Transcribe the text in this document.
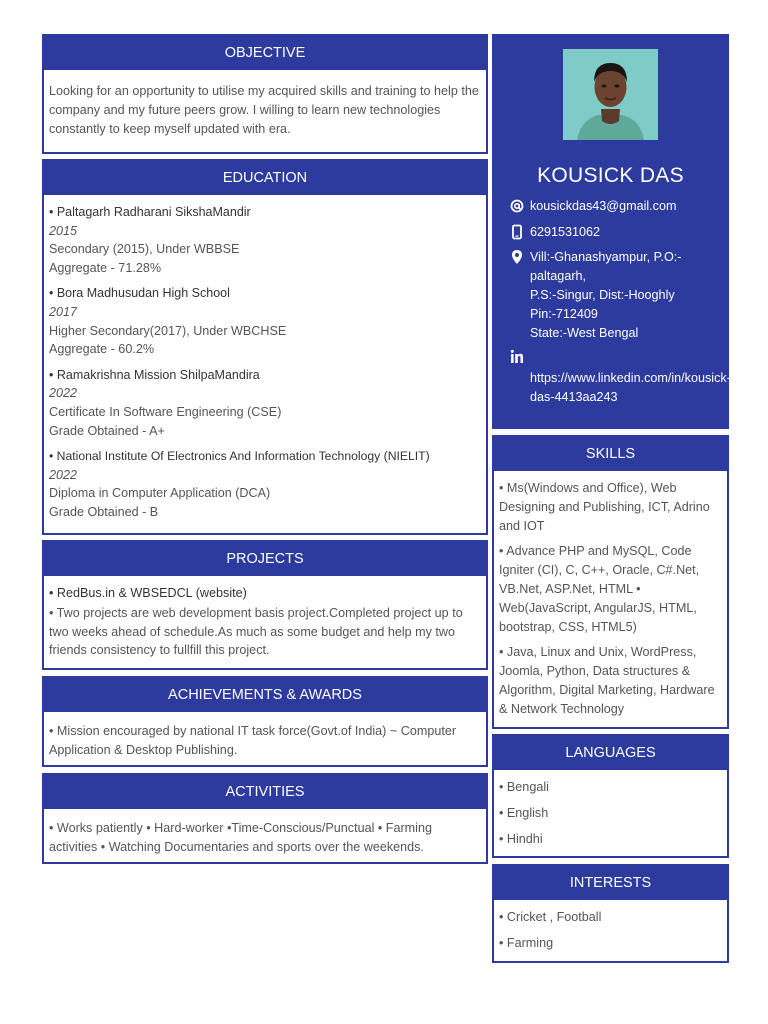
OBJECTIVE
Looking for an opportunity to utilise my acquired skills and training to help the company and my future peers grow. I willing to learn new technologies constantly to keep myself updated with era.
EDUCATION
• Paltagarh Radharani SikshaMandir
2015
Secondary (2015), Under WBBSE
Aggregate - 71.28%
• Bora Madhusudan High School
2017
Higher Secondary(2017), Under WBCHSE
Aggregate - 60.2%
• Ramakrishna Mission ShilpaMandira
2022
Certificate In Software Engineering (CSE)
Grade Obtained - A+
• National Institute Of Electronics And Information Technology (NIELIT)
2022
Diploma in Computer Application (DCA)
Grade Obtained - B
PROJECTS
• RedBus.in & WBSEDCL (website)
• Two projects are web development basis project.Completed project up to two weeks ahead of schedule.As much as some budget and help my two friends consistency to fullfill this project.
ACHIEVEMENTS & AWARDS
• Mission encouraged by national IT task force(Govt.of India) ~ Computer Application & Desktop Publishing.
ACTIVITIES
• Works patiently • Hard-worker •Time-Conscious/Punctual • Farming activities • Watching Documentaries and sports over the weekends.
KOUSICK DAS
kousickdas43@gmail.com
6291531062
Vill:-Ghanashyampur, P.O:-
paltagarh,
P.S:-Singur, Dist:-Hooghly
Pin:-712409
State:-West Bengal
https://www.linkedin.com/in/kousick-das-4413aa243
SKILLS
• Ms(Windows and Office), Web Designing and Publishing, ICT, Adrino and IOT
• Advance PHP and MySQL, Code Igniter (CI), C, C++, Oracle, C#.Net, VB.Net, ASP.Net, HTML • Web(JavaScript, AngularJS, HTML, bootstrap, CSS, HTML5)
• Java, Linux and Unix, WordPress, Joomla, Python, Data structures & Algorithm, Digital Marketing, Hardware & Network Technology
LANGUAGES
• Bengali
• English
• Hindhi
INTERESTS
• Cricket , Football
• Farming
